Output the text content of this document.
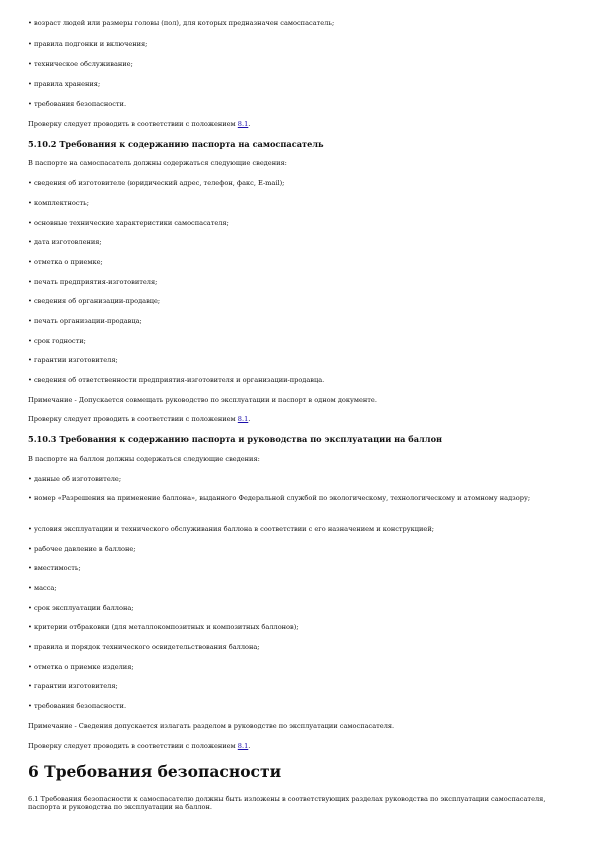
• возраст людей или размеры головы (пол), для которых предназначен самоспасатель;

• правила подгонки и включения;

• техническое обслуживание;

• правила хранения;

• требования безопасности.

Проверку следует проводить в соответствии с положением 8.1.

5.10.2 Требования к содержанию паспорта на самоспасатель

В паспорте на самоспасатель должны содержаться следующие сведения:

• сведения об изготовителе (юридический адрес, телефон, факс, E-mail);

• комплектность;

• основные технические характеристики самоспасателя;

• дата изготовления;

• отметка о приемке;

• печать предприятия-изготовителя;

• сведения об организации-продавце;

• печать организации-продавца;

• срок годности;

• гарантии изготовителя;

• сведения об ответственности предприятия-изготовителя и организации-продавца.

Примечание - Допускается совмещать руководство по эксплуатации и паспорт в одном документе.

Проверку следует проводить в соответствии с положением 8.1.

5.10.3 Требования к содержанию паспорта и руководства по эксплуатации на баллон

В паспорте на баллон должны содержаться следующие сведения:

• данные об изготовителе;

• номер «Разрешения на применение баллона», выданного Федеральной службой по экологическому, технологическому и атомному надзору;

• условия эксплуатации и технического обслуживания баллона в соответствии с его назначением и конструкцией;

• рабочее давление в баллоне;

• вместимость;

• масса;

• срок эксплуатации баллона;

• критерии отбраковки (для металлокомпозитных и композитных баллонов);

• правила и порядок технического освидетельствования баллона;

• отметка о приемке изделия;

• гарантии изготовителя;

• требования безопасности.

Примечание - Сведения допускается излагать разделом в руководстве по эксплуатации самоспасателя.

Проверку следует проводить в соответствии с положением 8.1.

6 Требования безопасности

6.1 Требования безопасности к самоспасателю должны быть изложены в соответствующих разделах руководства по эксплуатации самоспасателя, паспорта и руководства по эксплуатации на баллон.
